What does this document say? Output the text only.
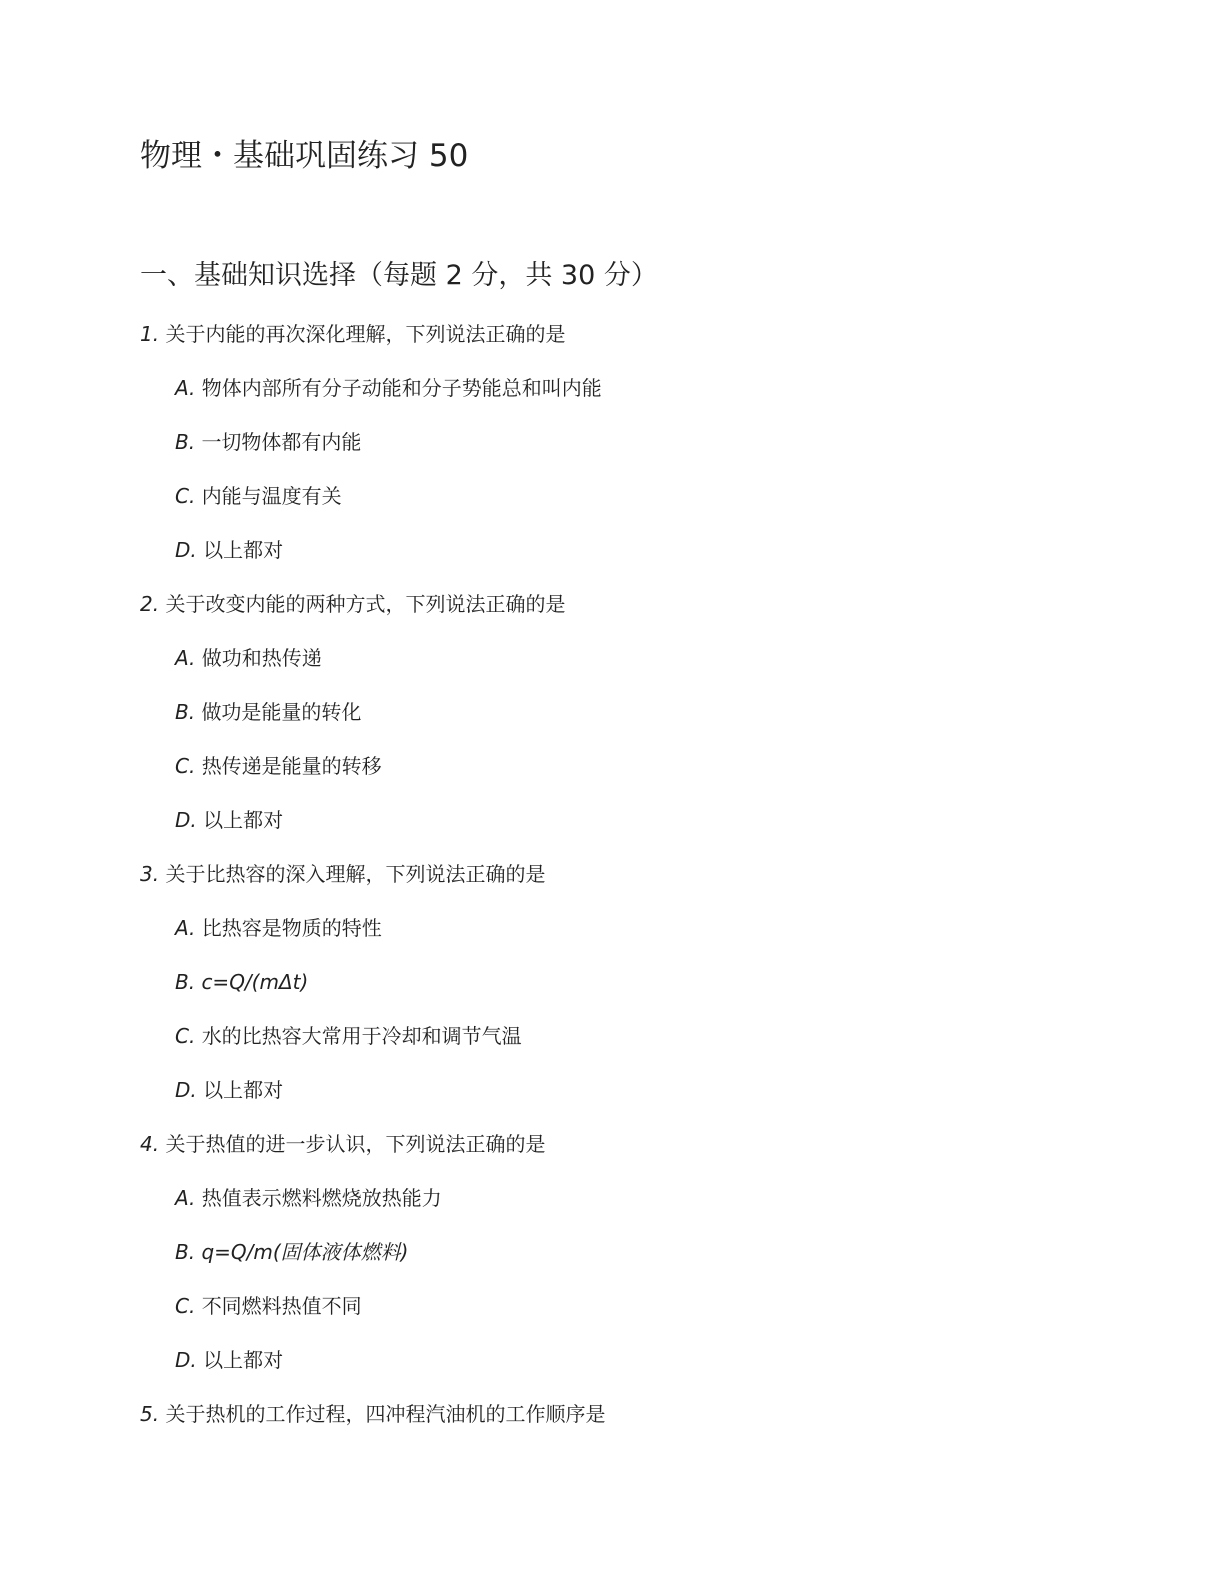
物理・基础巩固练习 50
一、基础知识选择（每题 2 分，共 30 分）
1. 关于内能的再次深化理解，下列说法正确的是
A. 物体内部所有分子动能和分子势能总和叫内能
B. 一切物体都有内能
C. 内能与温度有关
D. 以上都对
2. 关于改变内能的两种方式，下列说法正确的是
A. 做功和热传递
B. 做功是能量的转化
C. 热传递是能量的转移
D. 以上都对
3. 关于比热容的深入理解，下列说法正确的是
A. 比热容是物质的特性
B. c=Q/(mΔt)
C. 水的比热容大常用于冷却和调节气温
D. 以上都对
4. 关于热值的进一步认识，下列说法正确的是
A. 热值表示燃料燃烧放热能力
B. q=Q/m(固体液体燃料)
C. 不同燃料热值不同
D. 以上都对
5. 关于热机的工作过程，四冲程汽油机的工作顺序是
